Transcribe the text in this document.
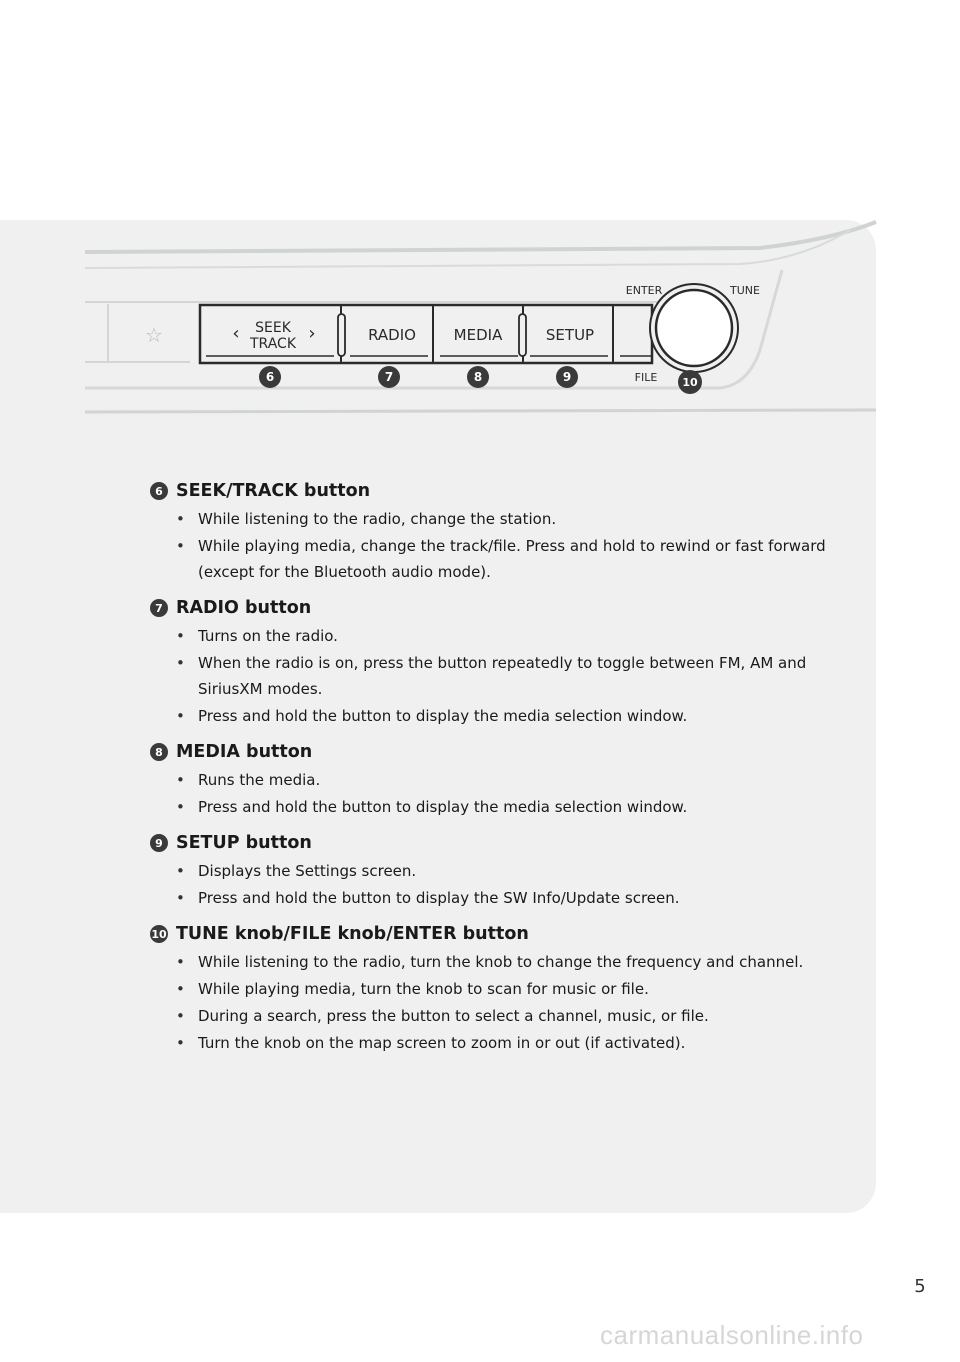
☆	‹	›
SEEK
TRACK	RADIO	MEDIA	SETUP
ENTER	TUNE
FILE
6	7	8	9	10
6 SEEK/TRACK button
• While listening to the radio, change the station.
• While playing media, change the track/file. Press and hold to rewind or fast forward (except for the Bluetooth audio mode).
7 RADIO button
• Turns on the radio.
• When the radio is on, press the button repeatedly to toggle between FM, AM and SiriusXM modes.
• Press and hold the button to display the media selection window.
8 MEDIA button
• Runs the media.
• Press and hold the button to display the media selection window.
9 SETUP button
• Displays the Settings screen.
• Press and hold the button to display the SW Info/Update screen.
10 TUNE knob/FILE knob/ENTER button
• While listening to the radio, turn the knob to change the frequency and channel.
• While playing media, turn the knob to scan for music or file.
• During a search, press the button to select a channel, music, or file.
• Turn the knob on the map screen to zoom in or out (if activated).
5
carmanualsonline.info
